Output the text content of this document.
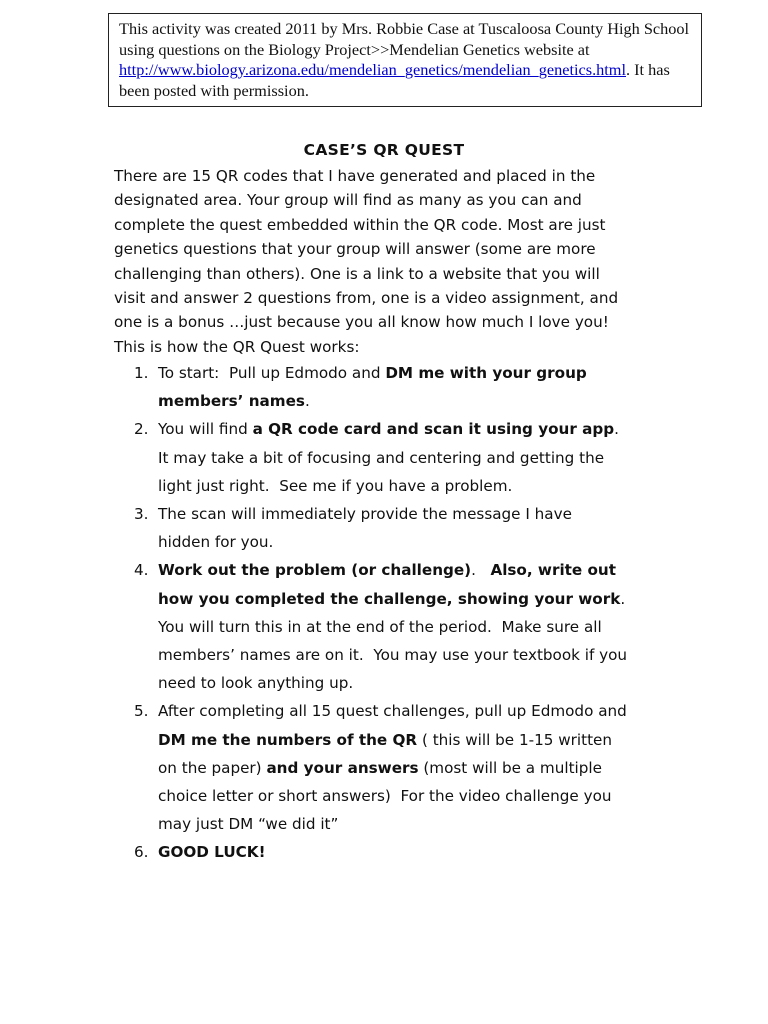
This activity was created 2011 by Mrs. Robbie Case at Tuscaloosa County High School using questions on the Biology Project>>Mendelian Genetics website at http://www.biology.arizona.edu/mendelian_genetics/mendelian_genetics.html. It has been posted with permission.
CASE’S QR QUEST

There are 15 QR codes that I have generated and placed in the

designated area. Your group will find as many as you can and

complete the quest embedded within the QR code. Most are just

genetics questions that your group will answer (some are more

challenging than others). One is a link to a website that you will

visit and answer 2 questions from, one is a video assignment, and

one is a bonus …just because you all know how much I love you!

This is how the QR Quest works:

1. To start:  Pull up Edmodo and DM me with your group
members’ names.
2. You will find a QR code card and scan it using your app.
It may take a bit of focusing and centering and getting the
light just right.  See me if you have a problem.
3. The scan will immediately provide the message I have
hidden for you.
4. Work out the problem (or challenge).   Also, write out
how you completed the challenge, showing your work.
You will turn this in at the end of the period.  Make sure all
members’ names are on it.  You may use your textbook if you
need to look anything up.
5. After completing all 15 quest challenges, pull up Edmodo and
DM me the numbers of the QR ( this will be 1-15 written
on the paper) and your answers (most will be a multiple
choice letter or short answers)  For the video challenge you
may just DM “we did it”
6. GOOD LUCK!
